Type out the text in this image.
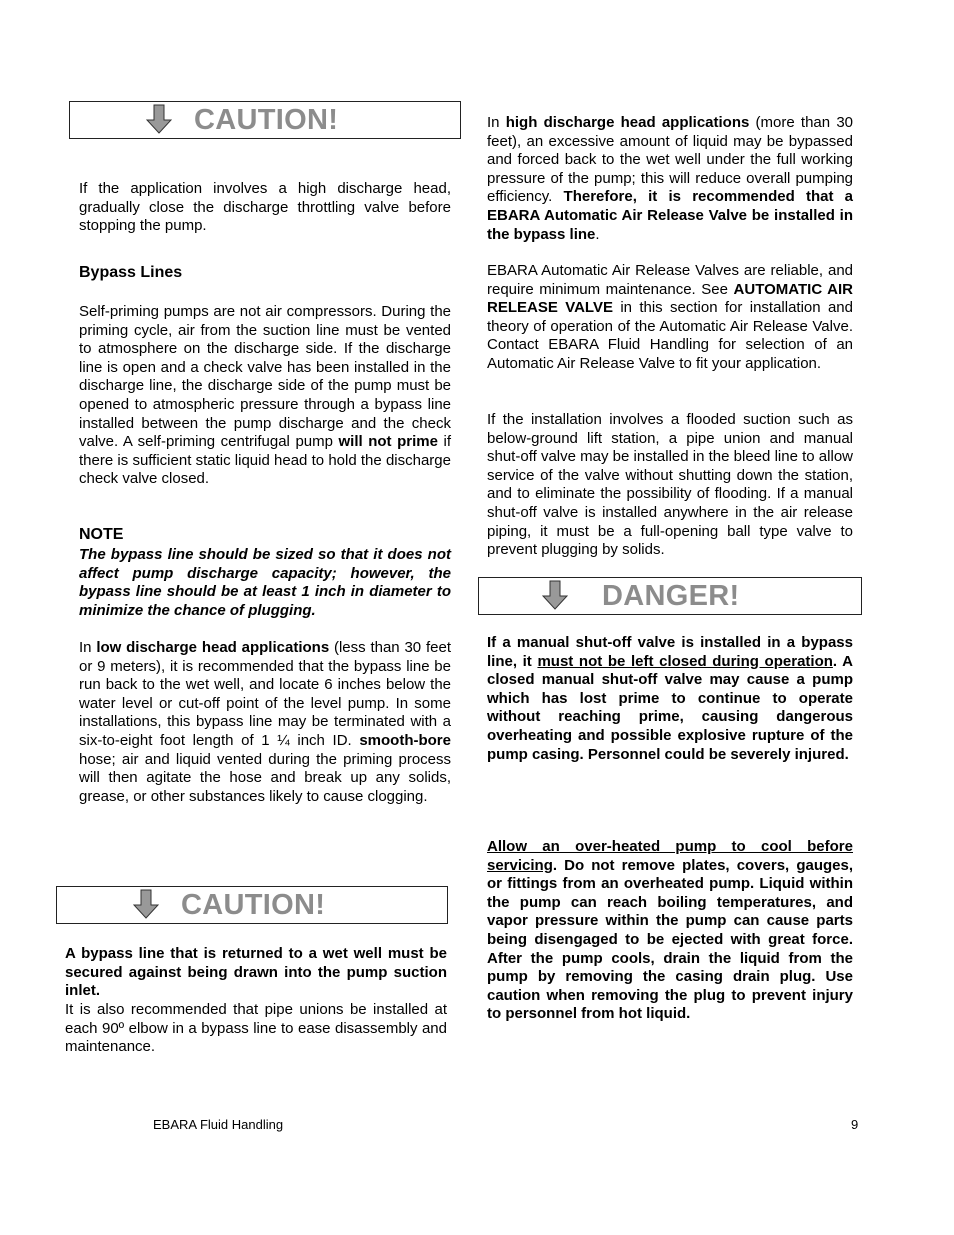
CAUTION!

If the application involves a high discharge head, gradually close the discharge throttling valve before stopping the pump.

Bypass Lines

Self-priming pumps are not air compressors. During the priming cycle, air from the suction line must be vented to atmosphere on the discharge side. If the discharge line is open and a check valve has been installed in the discharge line, the discharge side of the pump must be opened to atmospheric pressure through a bypass line installed between the pump discharge and the check valve. A self-priming centrifugal pump will not prime if there is sufficient static liquid head to hold the discharge check valve closed.

NOTE

The bypass line should be sized so that it does not affect pump discharge capacity; however, the bypass line should be at least 1 inch in diameter to minimize the chance of plugging.

In low discharge head applications (less than 30 feet or 9 meters), it is recommended that the bypass line be run back to the wet well, and locate 6 inches below the water level or cut-off point of the level pump. In some installations, this bypass line may be terminated with a six-to-eight foot length of 1 ¼ inch ID. smooth-bore hose; air and liquid vented during the priming process will then agitate the hose and break up any solids, grease, or other substances likely to cause clogging.

CAUTION!

A bypass line that is returned to a wet well must be secured against being drawn into the pump suction inlet.

It is also recommended that pipe unions be installed at each 90º elbow in a bypass line to ease disassembly and maintenance.

In high discharge head applications (more than 30 feet), an excessive amount of liquid may be bypassed and forced back to the wet well under the full working pressure of the pump; this will reduce overall pumping efficiency. Therefore, it is recommended that a EBARA Automatic Air Release Valve be installed in the bypass line.

EBARA Automatic Air Release Valves are reliable, and require minimum maintenance. See AUTOMATIC AIR RELEASE VALVE in this section for installation and theory of operation of the Automatic Air Release Valve. Contact EBARA Fluid Handling for selection of an Automatic Air Release Valve to fit your application.

If the installation involves a flooded suction such as below-ground lift station, a pipe union and manual shut-off valve may be installed in the bleed line to allow service of the valve without shutting down the station, and to eliminate the possibility of flooding. If a manual shut-off valve is installed anywhere in the air release piping, it must be a full-opening ball type valve to prevent plugging by solids.

DANGER!

If a manual shut-off valve is installed in a bypass line, it must not be left closed during operation. A closed manual shut-off valve may cause a pump which has lost prime to continue to operate without reaching prime, causing dangerous overheating and possible explosive rupture of the pump casing. Personnel could be severely injured.

Allow an over-heated pump to cool before servicing. Do not remove plates, covers, gauges, or fittings from an overheated pump. Liquid within the pump can reach boiling temperatures, and vapor pressure within the pump can cause parts being disengaged to be ejected with great force. After the pump cools, drain the liquid from the pump by removing the casing drain plug. Use caution when removing the plug to prevent injury to personnel from hot liquid.

EBARA Fluid Handling	9
